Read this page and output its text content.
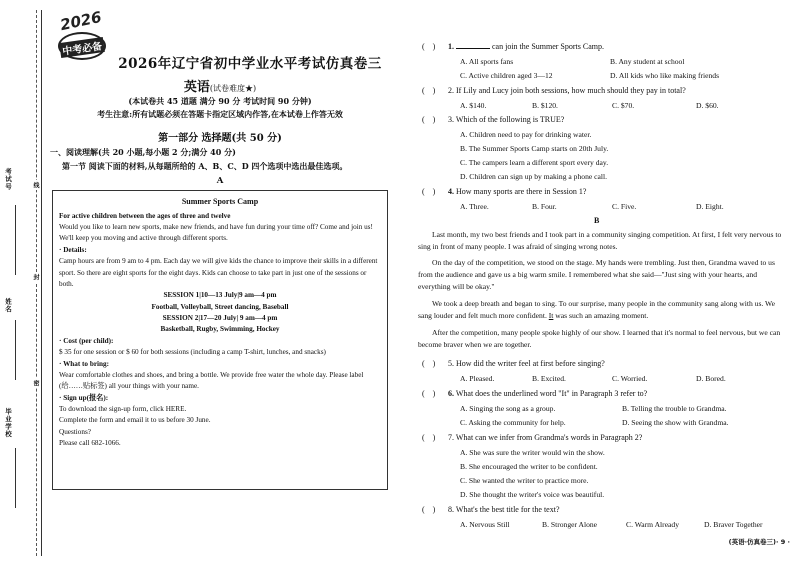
考试号
姓名
毕业学校
线
封
密
2026
中考必备
2026年辽宁省初中学业水平考试仿真卷三
英语(试卷难度★)
(本试卷共 45 道题 满分 90 分 考试时间 90 分钟)
考生注意:所有试题必须在答题卡指定区域内作答,在本试卷上作答无效
第一部分 选择题(共 50 分)
一、阅读理解(共 20 小题,每小题 2 分;满分 40 分)
第一节 阅读下面的材料,从每题所给的 A、B、C、D 四个选项中选出最佳选项。
A

Summer Sports Camp

For active children between the ages of three and twelve

Would you like to learn new sports, make new friends, and have fun during your time off? Come and join us! We'll keep you moving and active through different sports.

· Details:

Camp hours are from 9 am to 4 pm. Each day we will give kids the chance to improve their skills in a different sport. So there are eight sports for the eight days. Kids can choose to take part in just one of the sessions or both.

SESSION 1|10—13 July|9 am—4 pm

Football, Volleyball, Street dancing, Baseball

SESSION 2|17—20 July| 9 am—4 pm

Basketball, Rugby, Swimming, Hockey

· Cost (per child):

$ 35 for one session or $ 60 for both sessions (including a camp T-shirt, lunches, and snacks)

· What to bring:

Wear comfortable clothes and shoes, and bring a bottle. We provide free water the whole day. Please label (给……贴标签) all your things with your name.

· Sign up(报名):

To download the sign-up form, click HERE.

Complete the form and email it to us before 30 June.

Questions?

Please call 682-1066.

(    ) 1.	can join the Summer Sports Camp.
A. All sports fans	B. Any student at school
C. Active children aged 3—12	D. All kids who like making friends
(    ) 2. If Lily and Lucy join both sessions, how much should they pay in total?
A. $140.	B. $120.	C. $70.	D. $60.
(    ) 3. Which of the following is TRUE?
A. Children need to pay for drinking water.
B. The Summer Sports Camp starts on 20th July.
C. The campers learn a different sport every day.
D. Children can sign up by making a phone call.
(    ) 4. How many sports are there in Session 1?
A. Three.	B. Four.	C. Five.	D. Eight.
B

Last month, my two best friends and I took part in a community singing competition. At first, I felt very nervous to sing in front of many people. I was afraid of singing wrong notes.

On the day of the competition, we stood on the stage. My hands were trembling. Just then, Grandma waved to us from the audience and gave us a big warm smile. I remembered what she said—"Just sing with your hearts, and everything will be okay."

We took a deep breath and began to sing. To our surprise, many people in the community sang along with us. We sang louder and felt much more confident. It was such an amazing moment.

After the competition, many people spoke highly of our show. I learned that it's normal to feel nervous, but we can become braver when we are together.

(    ) 5. How did the writer feel at first before singing?
A. Pleased.	B. Excited.	C. Worried.	D. Bored.
(    ) 6. What does the underlined word "It" in Paragraph 3 refer to?
A. Singing the song as a group.	B. Telling the trouble to Grandma.
C. Asking the community for help.	D. Seeing the show with Grandma.
(    ) 7. What can we infer from Grandma's words in Paragraph 2?
A. She was sure the writer would win the show.
B. She encouraged the writer to be confident.
C. She wanted the writer to practice more.
D. She thought the writer's voice was beautiful.
(    ) 8. What's the best title for the text?
A. Nervous Still	B. Stronger Alone	C. Warm Already	D. Braver Together
(英语·仿真卷三)· 9 ·
